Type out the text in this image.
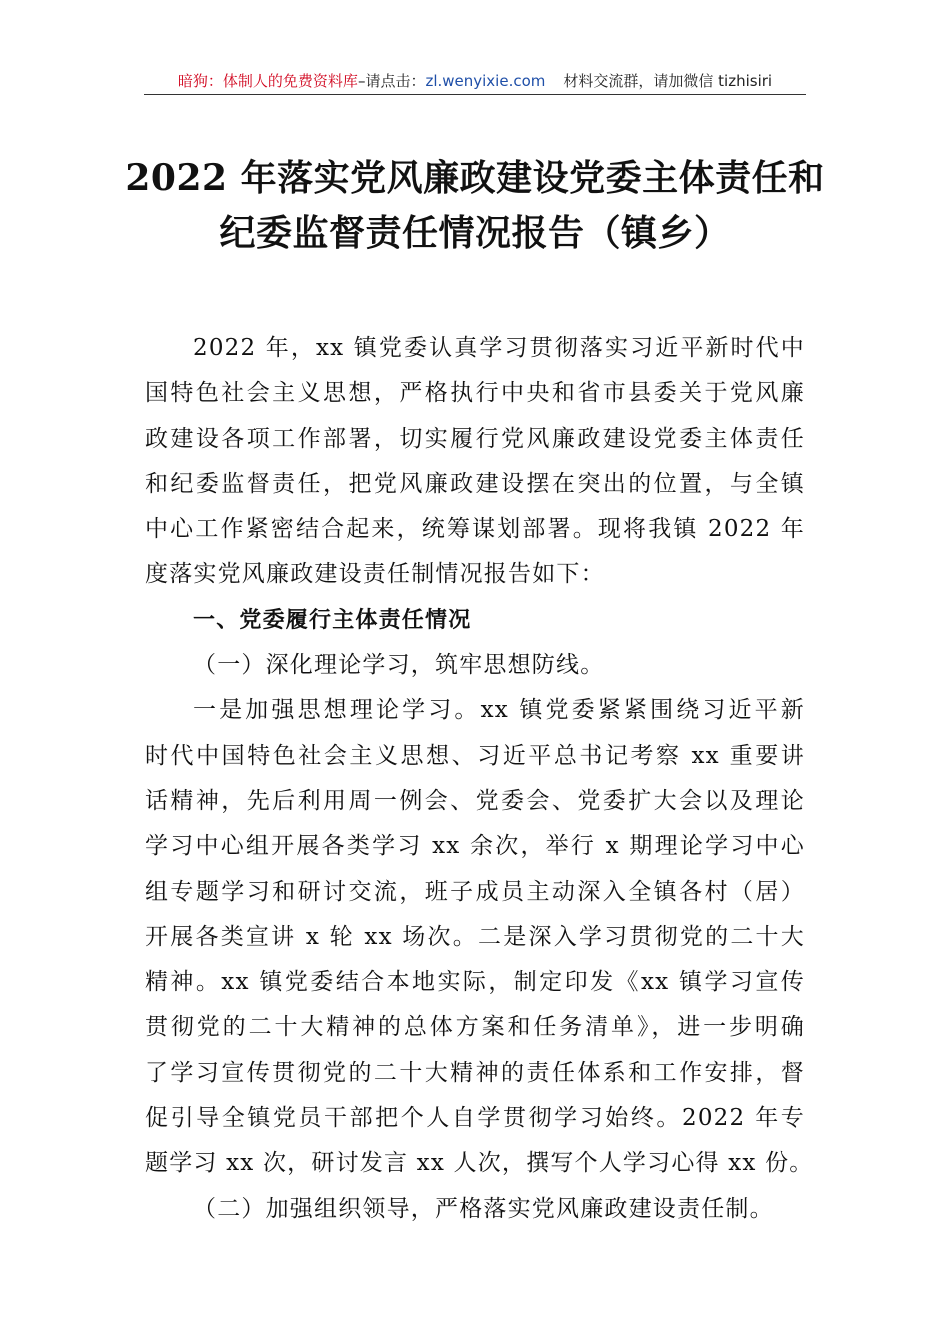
暗狗：体制人的免费资料库–请点击：zl.wenyixie.com 材料交流群，请加微信 tizhisiri
2022 年落实党风廉政建设党委主体责任和
纪委监督责任情况报告（镇乡）
2022 年，xx 镇党委认真学习贯彻落实习近平新时代中
国特色社会主义思想，严格执行中央和省市县委关于党风廉
政建设各项工作部署，切实履行党风廉政建设党委主体责任
和纪委监督责任，把党风廉政建设摆在突出的位置，与全镇
中心工作紧密结合起来，统筹谋划部署。现将我镇 2022 年
度落实党风廉政建设责任制情况报告如下：
一、党委履行主体责任情况
（一）深化理论学习，筑牢思想防线。
一是加强思想理论学习。xx 镇党委紧紧围绕习近平新
时代中国特色社会主义思想、习近平总书记考察 xx 重要讲
话精神，先后利用周一例会、党委会、党委扩大会以及理论
学习中心组开展各类学习 xx 余次，举行 x 期理论学习中心
组专题学习和研讨交流，班子成员主动深入全镇各村（居）
开展各类宣讲 x 轮 xx 场次。二是深入学习贯彻党的二十大
精神。xx 镇党委结合本地实际，制定印发《xx 镇学习宣传
贯彻党的二十大精神的总体方案和任务清单》，进一步明确
了学习宣传贯彻党的二十大精神的责任体系和工作安排，督
促引导全镇党员干部把个人自学贯彻学习始终。2022 年专
题学习 xx 次，研讨发言 xx 人次，撰写个人学习心得 xx 份。
（二）加强组织领导，严格落实党风廉政建设责任制。
